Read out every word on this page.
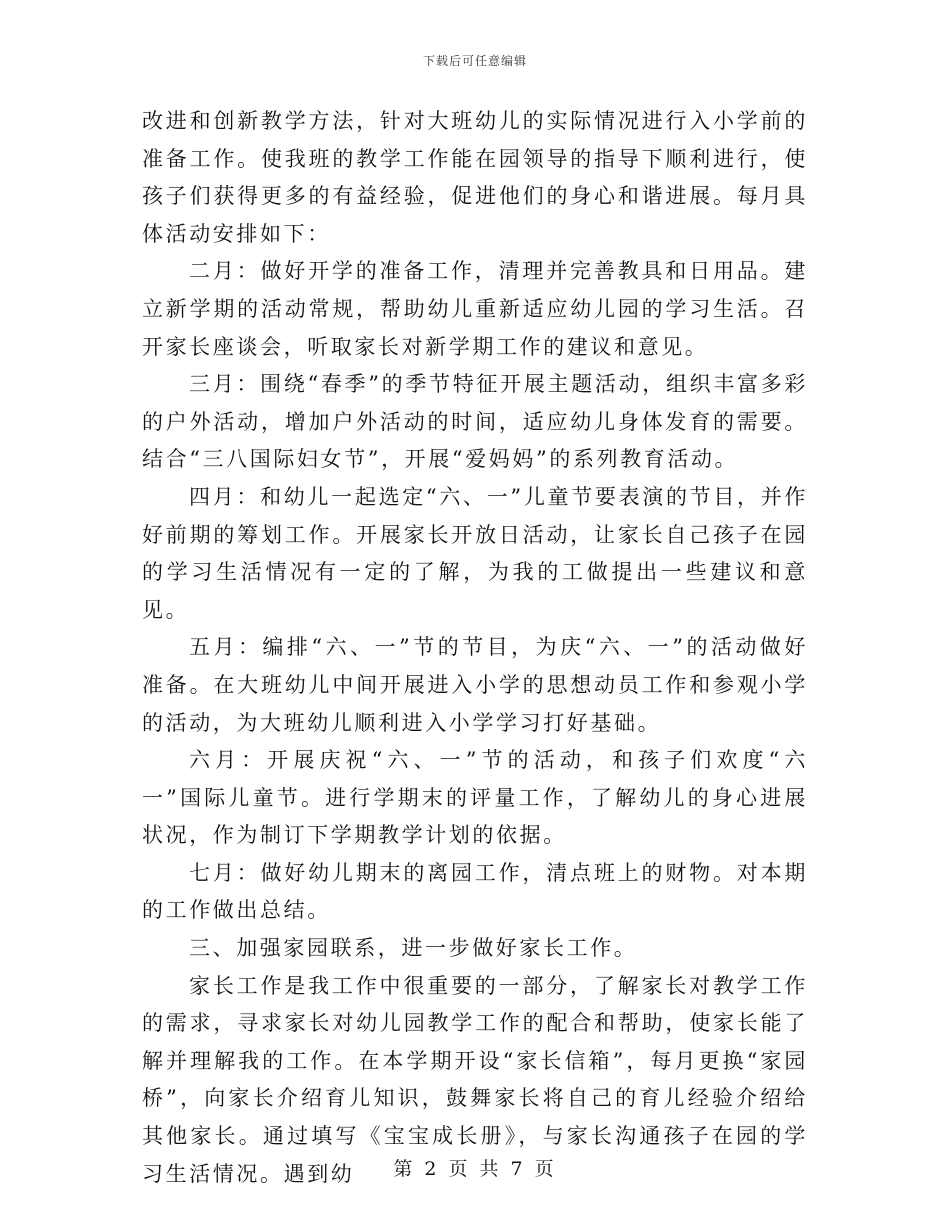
下载后可任意编辑

改进和创新教学方法，针对大班幼儿的实际情况进行入小学前的准备工作。使我班的教学工作能在园领导的指导下顺利进行，使孩子们获得更多的有益经验，促进他们的身心和谐进展。每月具体活动安排如下：

二月：做好开学的准备工作，清理并完善教具和日用品。建立新学期的活动常规，帮助幼儿重新适应幼儿园的学习生活。召开家长座谈会，听取家长对新学期工作的建议和意见。

三月：围绕“春季”的季节特征开展主题活动，组织丰富多彩的户外活动，增加户外活动的时间，适应幼儿身体发育的需要。结合“三八国际妇女节”，开展“爱妈妈”的系列教育活动。

四月：和幼儿一起选定“六、一”儿童节要表演的节目，并作好前期的筹划工作。开展家长开放日活动，让家长自己孩子在园的学习生活情况有一定的了解，为我的工做提出一些建议和意见。

五月：编排“六、一”节的节目，为庆“六、一”的活动做好准备。在大班幼儿中间开展进入小学的思想动员工作和参观小学的活动，为大班幼儿顺利进入小学学习打好基础。

六月：开展庆祝“六、一”节的活动，和孩子们欢度“六一”国际儿童节。进行学期末的评量工作，了解幼儿的身心进展状况，作为制订下学期教学计划的依据。

七月：做好幼儿期末的离园工作，清点班上的财物。对本期的工作做出总结。

三、加强家园联系，进一步做好家长工作。

家长工作是我工作中很重要的一部分，了解家长对教学工作的需求，寻求家长对幼儿园教学工作的配合和帮助，使家长能了解并理解我的工作。在本学期开设“家长信箱”，每月更换“家园桥”，向家长介绍育儿知识，鼓舞家长将自己的育儿经验介绍给其他家长。通过填写《宝宝成长册》，与家长沟通孩子在园的学习生活情况。遇到幼	第 2 页 共 7 页
